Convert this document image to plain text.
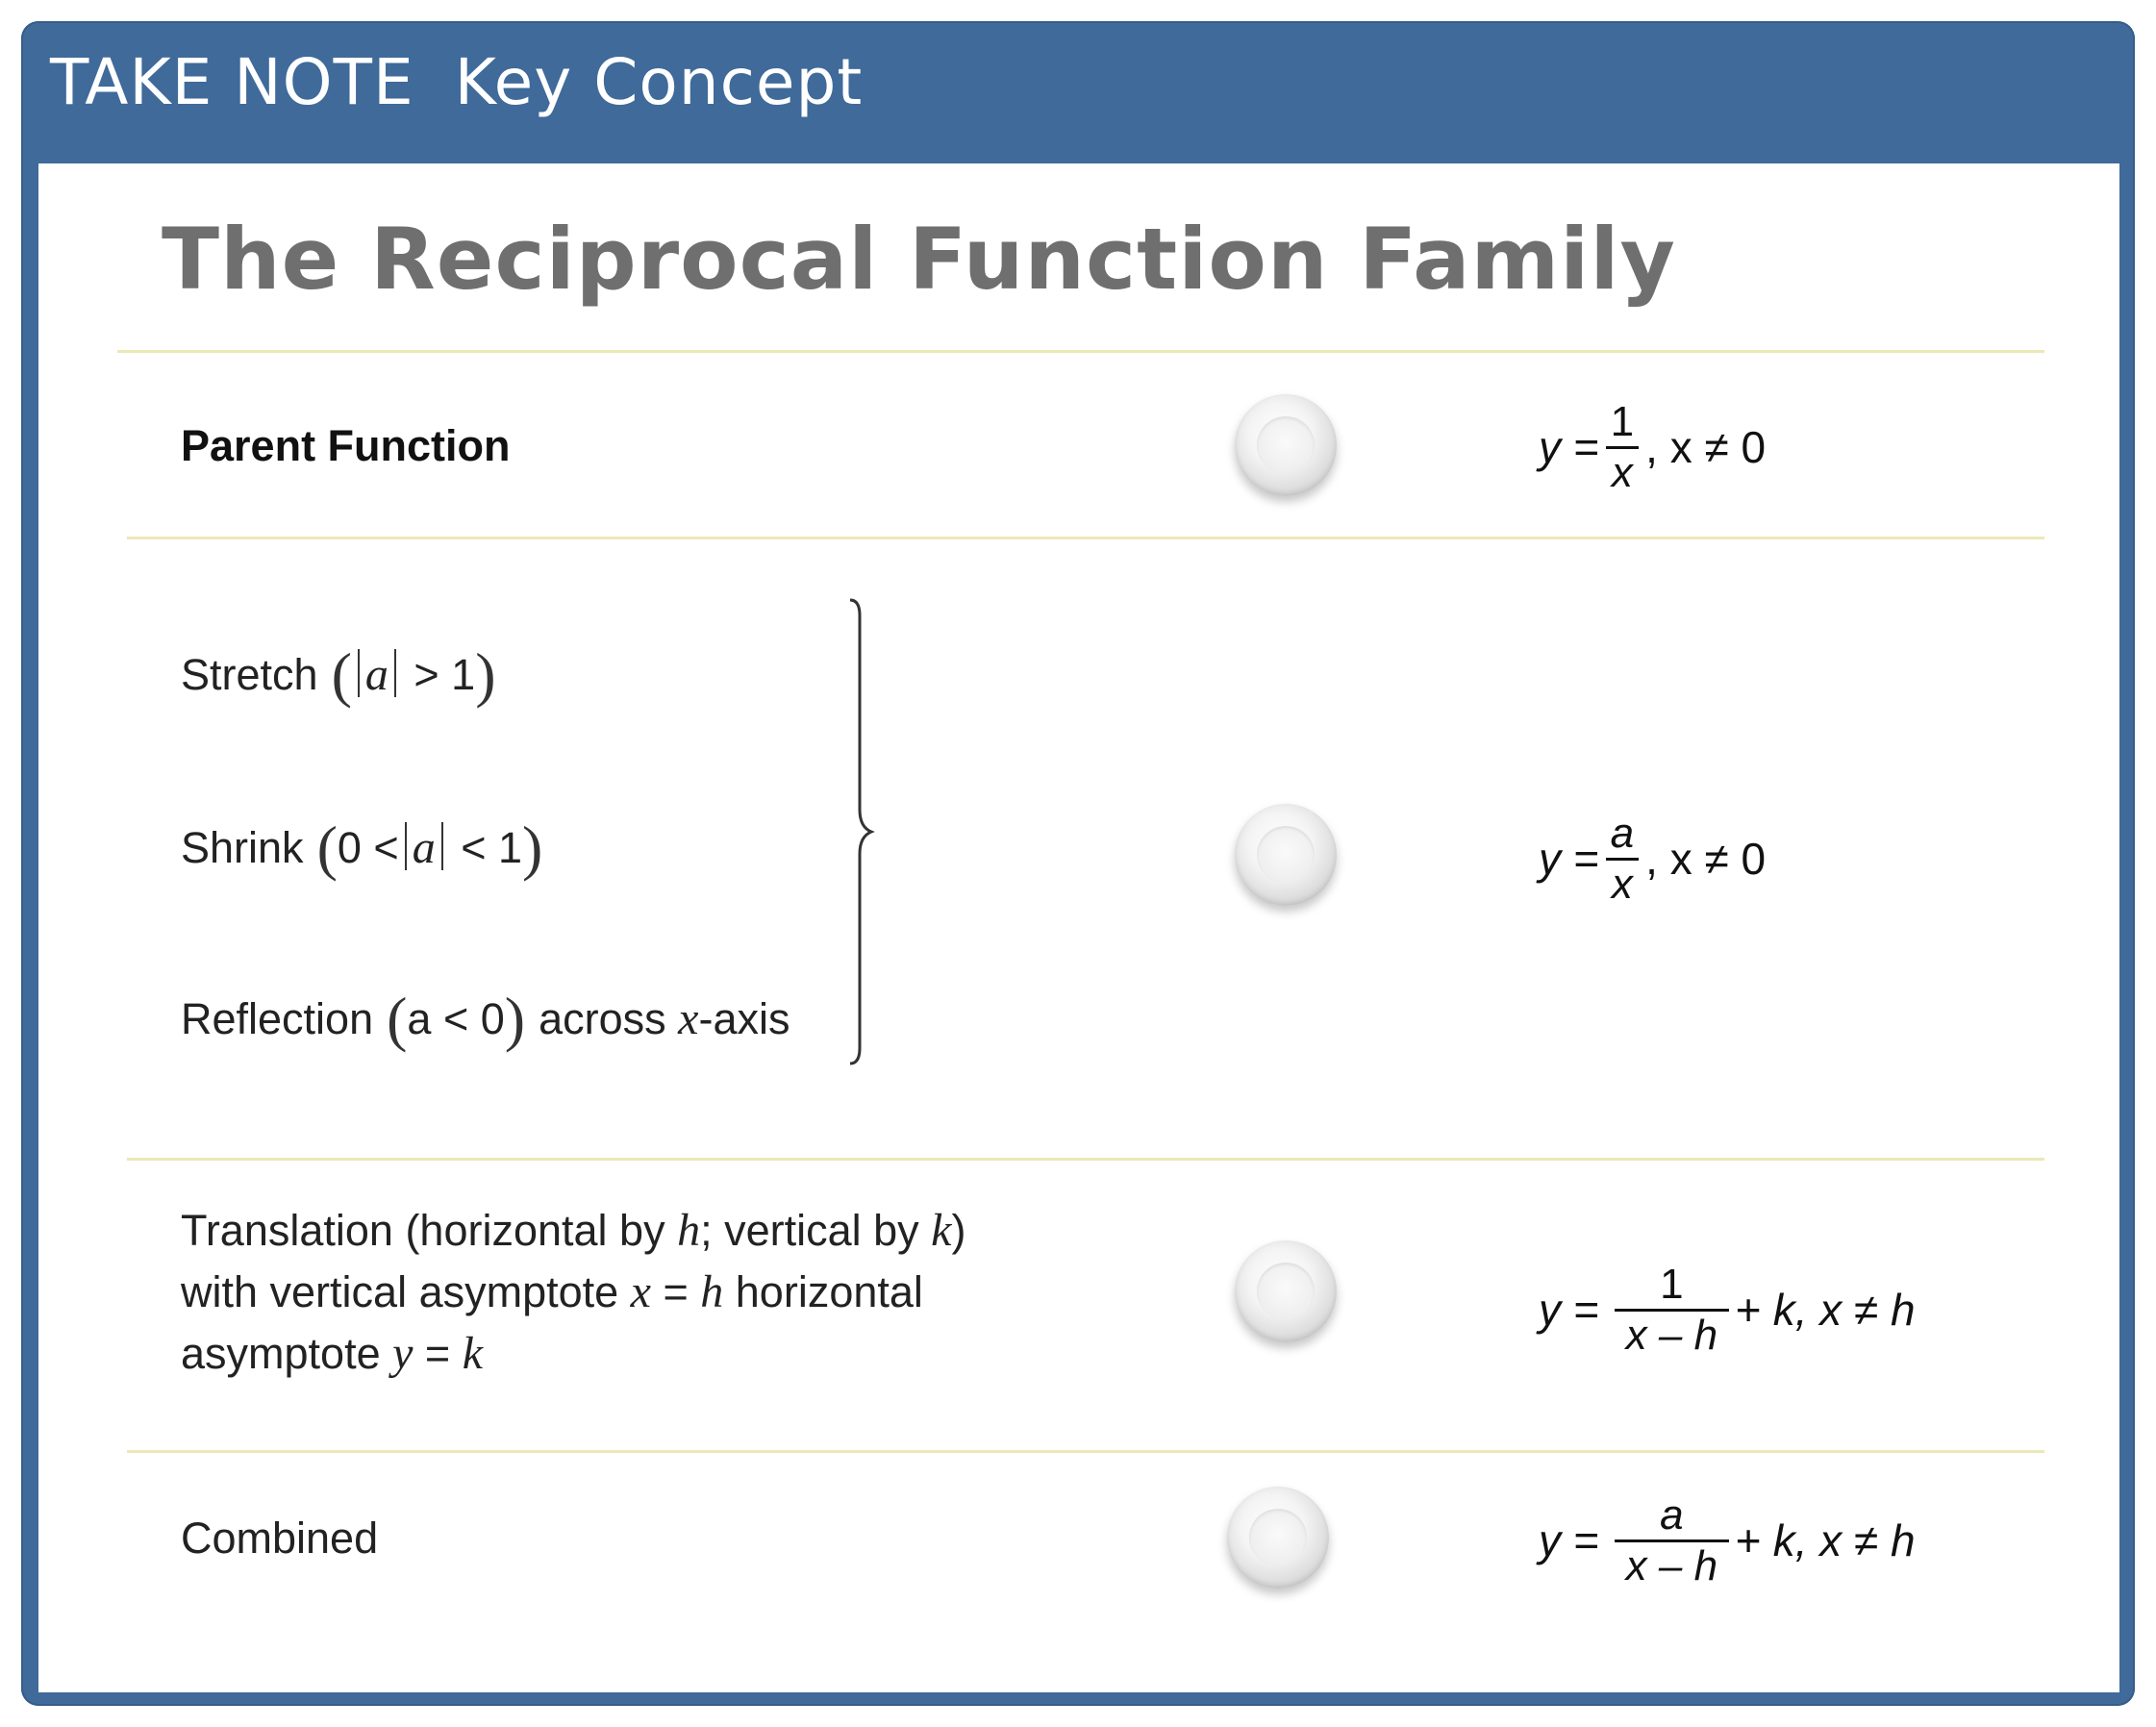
TAKE NOTE Key Concept
The Reciprocal Function Family
Parent Function	$y = \frac{1}{x}$ , x ≠ 0
Stretch ( a > 1)
Shrink (0 < a < 1)
Reflection (a < 0) across x-axis
$y = \frac{a}{x}$ , x ≠ 0
Translation (horizontal by h; vertical by k)
with vertical asymptote x = h horizontal
asymptote y = k
$y = \frac{1}{x - h} + k$, x ≠ h
Combined	$y = \frac{a}{x - h} + k$, x ≠ h
